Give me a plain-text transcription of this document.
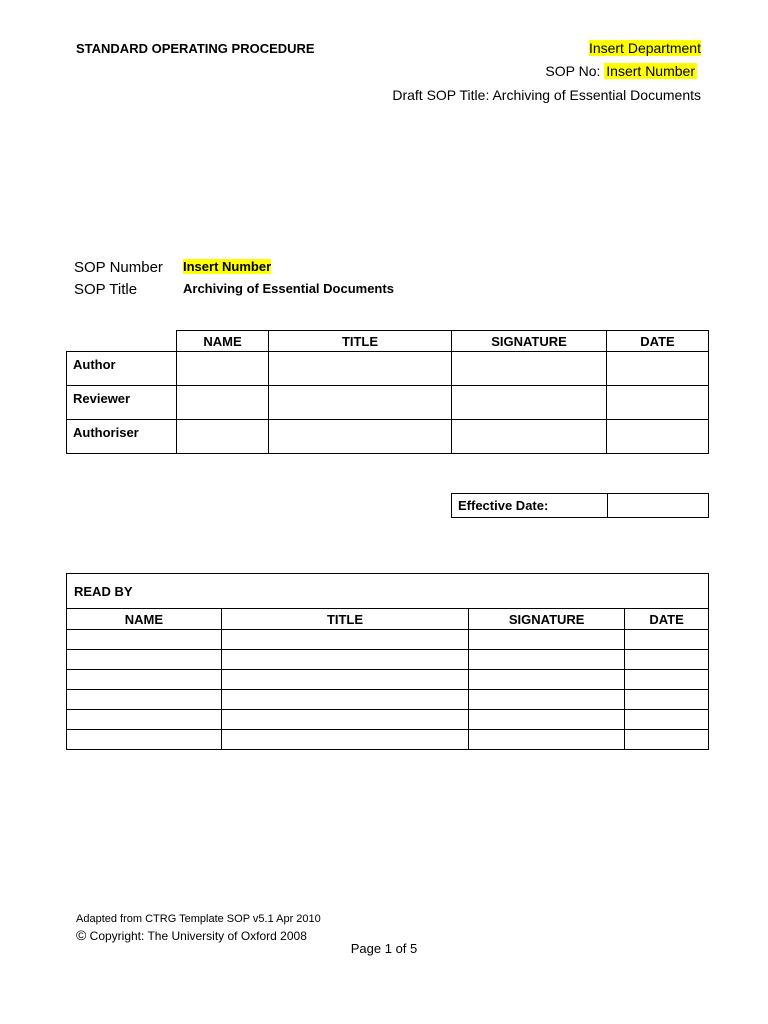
STANDARD OPERATING PROCEDURE	Insert Department
SOP No: Insert Number
Draft SOP Title: Archiving of Essential Documents
SOP Number Insert Number
SOP Title	Archiving of Essential Documents
	NAME	TITLE	SIGNATURE	DATE
Author				
Reviewer				
Authoriser				
Effective Date:	
READ BY			
NAME	TITLE	SIGNATURE	DATE

Adapted from CTRG Template SOP v5.1 Apr 2010
© Copyright: The University of Oxford 2008
Page 1 of 5
